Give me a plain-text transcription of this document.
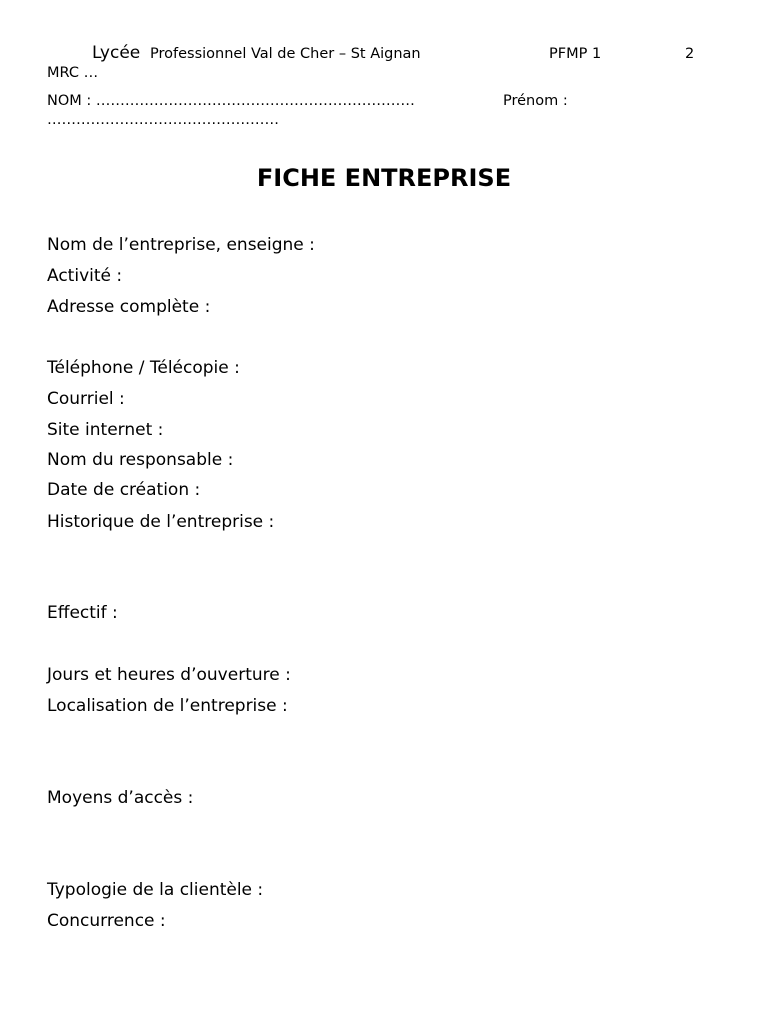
Lycée Professionnel Val de Cher – St Aignan	PFMP 1	2
MRC …
NOM : …………………………………………………………	Prénom :
…………………………………………
FICHE ENTREPRISE
Nom de l’entreprise, enseigne :
Activité :
Adresse complète :
Téléphone / Télécopie :
Courriel :
Site internet :
Nom du responsable :
Date de création :
Historique de l’entreprise :
Effectif :
Jours et heures d’ouverture :
Localisation de l’entreprise :
Moyens d’accès :
Typologie de la clientèle :
Concurrence :
